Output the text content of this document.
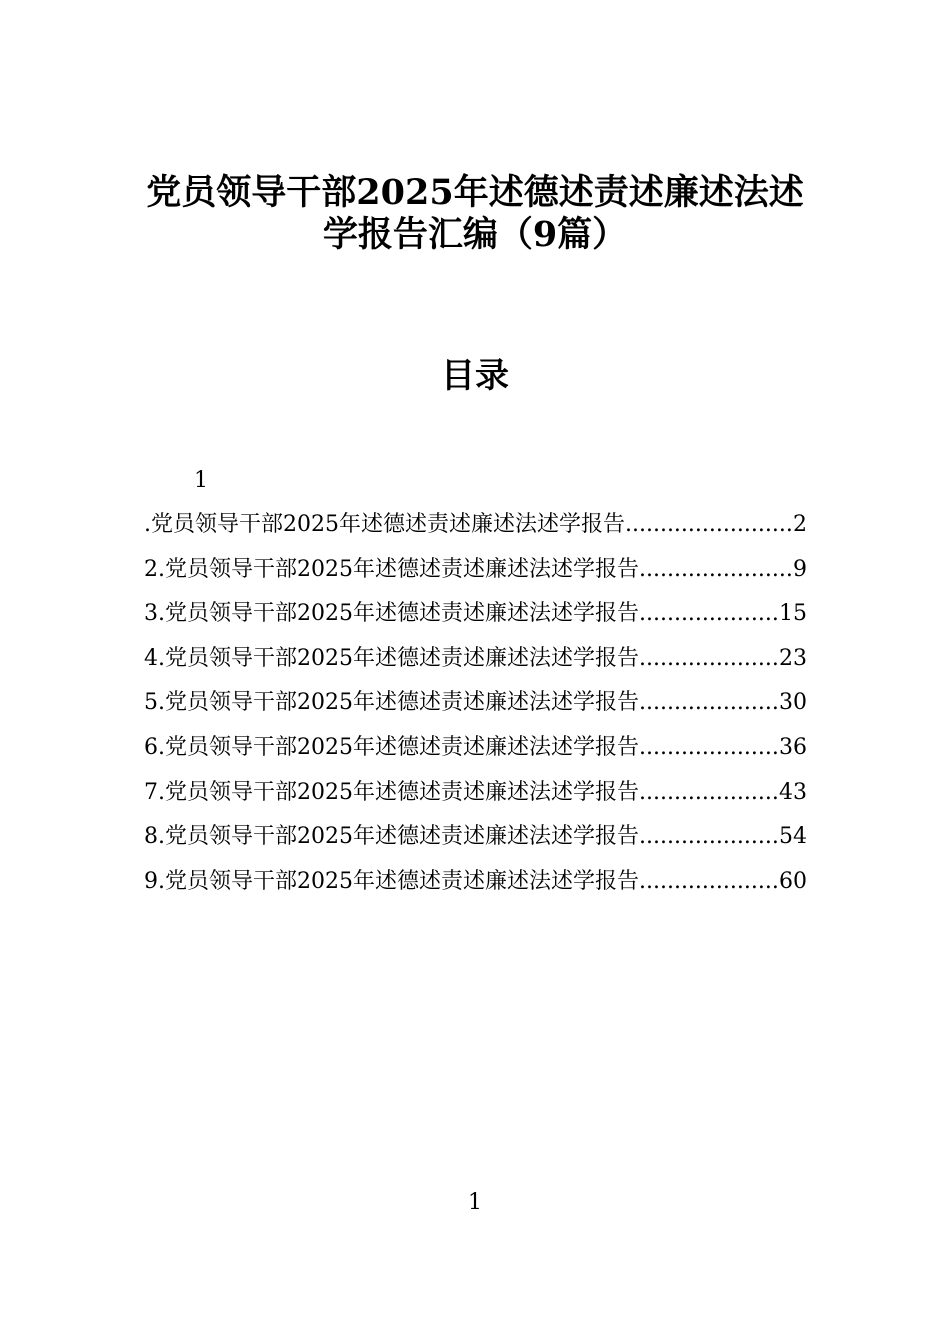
党员领导干部2025年述德述责述廉述法述
学报告汇编（9篇）
目录
1
.党员领导干部2025年述德述责述廉述法述学报告 .....	2
2.党员领导干部2025年述德述责述廉述法述学报告 .....	9
3.党员领导干部2025年述德述责述廉述法述学报告 .....	15
4.党员领导干部2025年述德述责述廉述法述学报告 .....	23
5.党员领导干部2025年述德述责述廉述法述学报告 .....	30
6.党员领导干部2025年述德述责述廉述法述学报告 .....	36
7.党员领导干部2025年述德述责述廉述法述学报告 .....	43
8.党员领导干部2025年述德述责述廉述法述学报告 .....	54
9.党员领导干部2025年述德述责述廉述法述学报告 .....	60
1
